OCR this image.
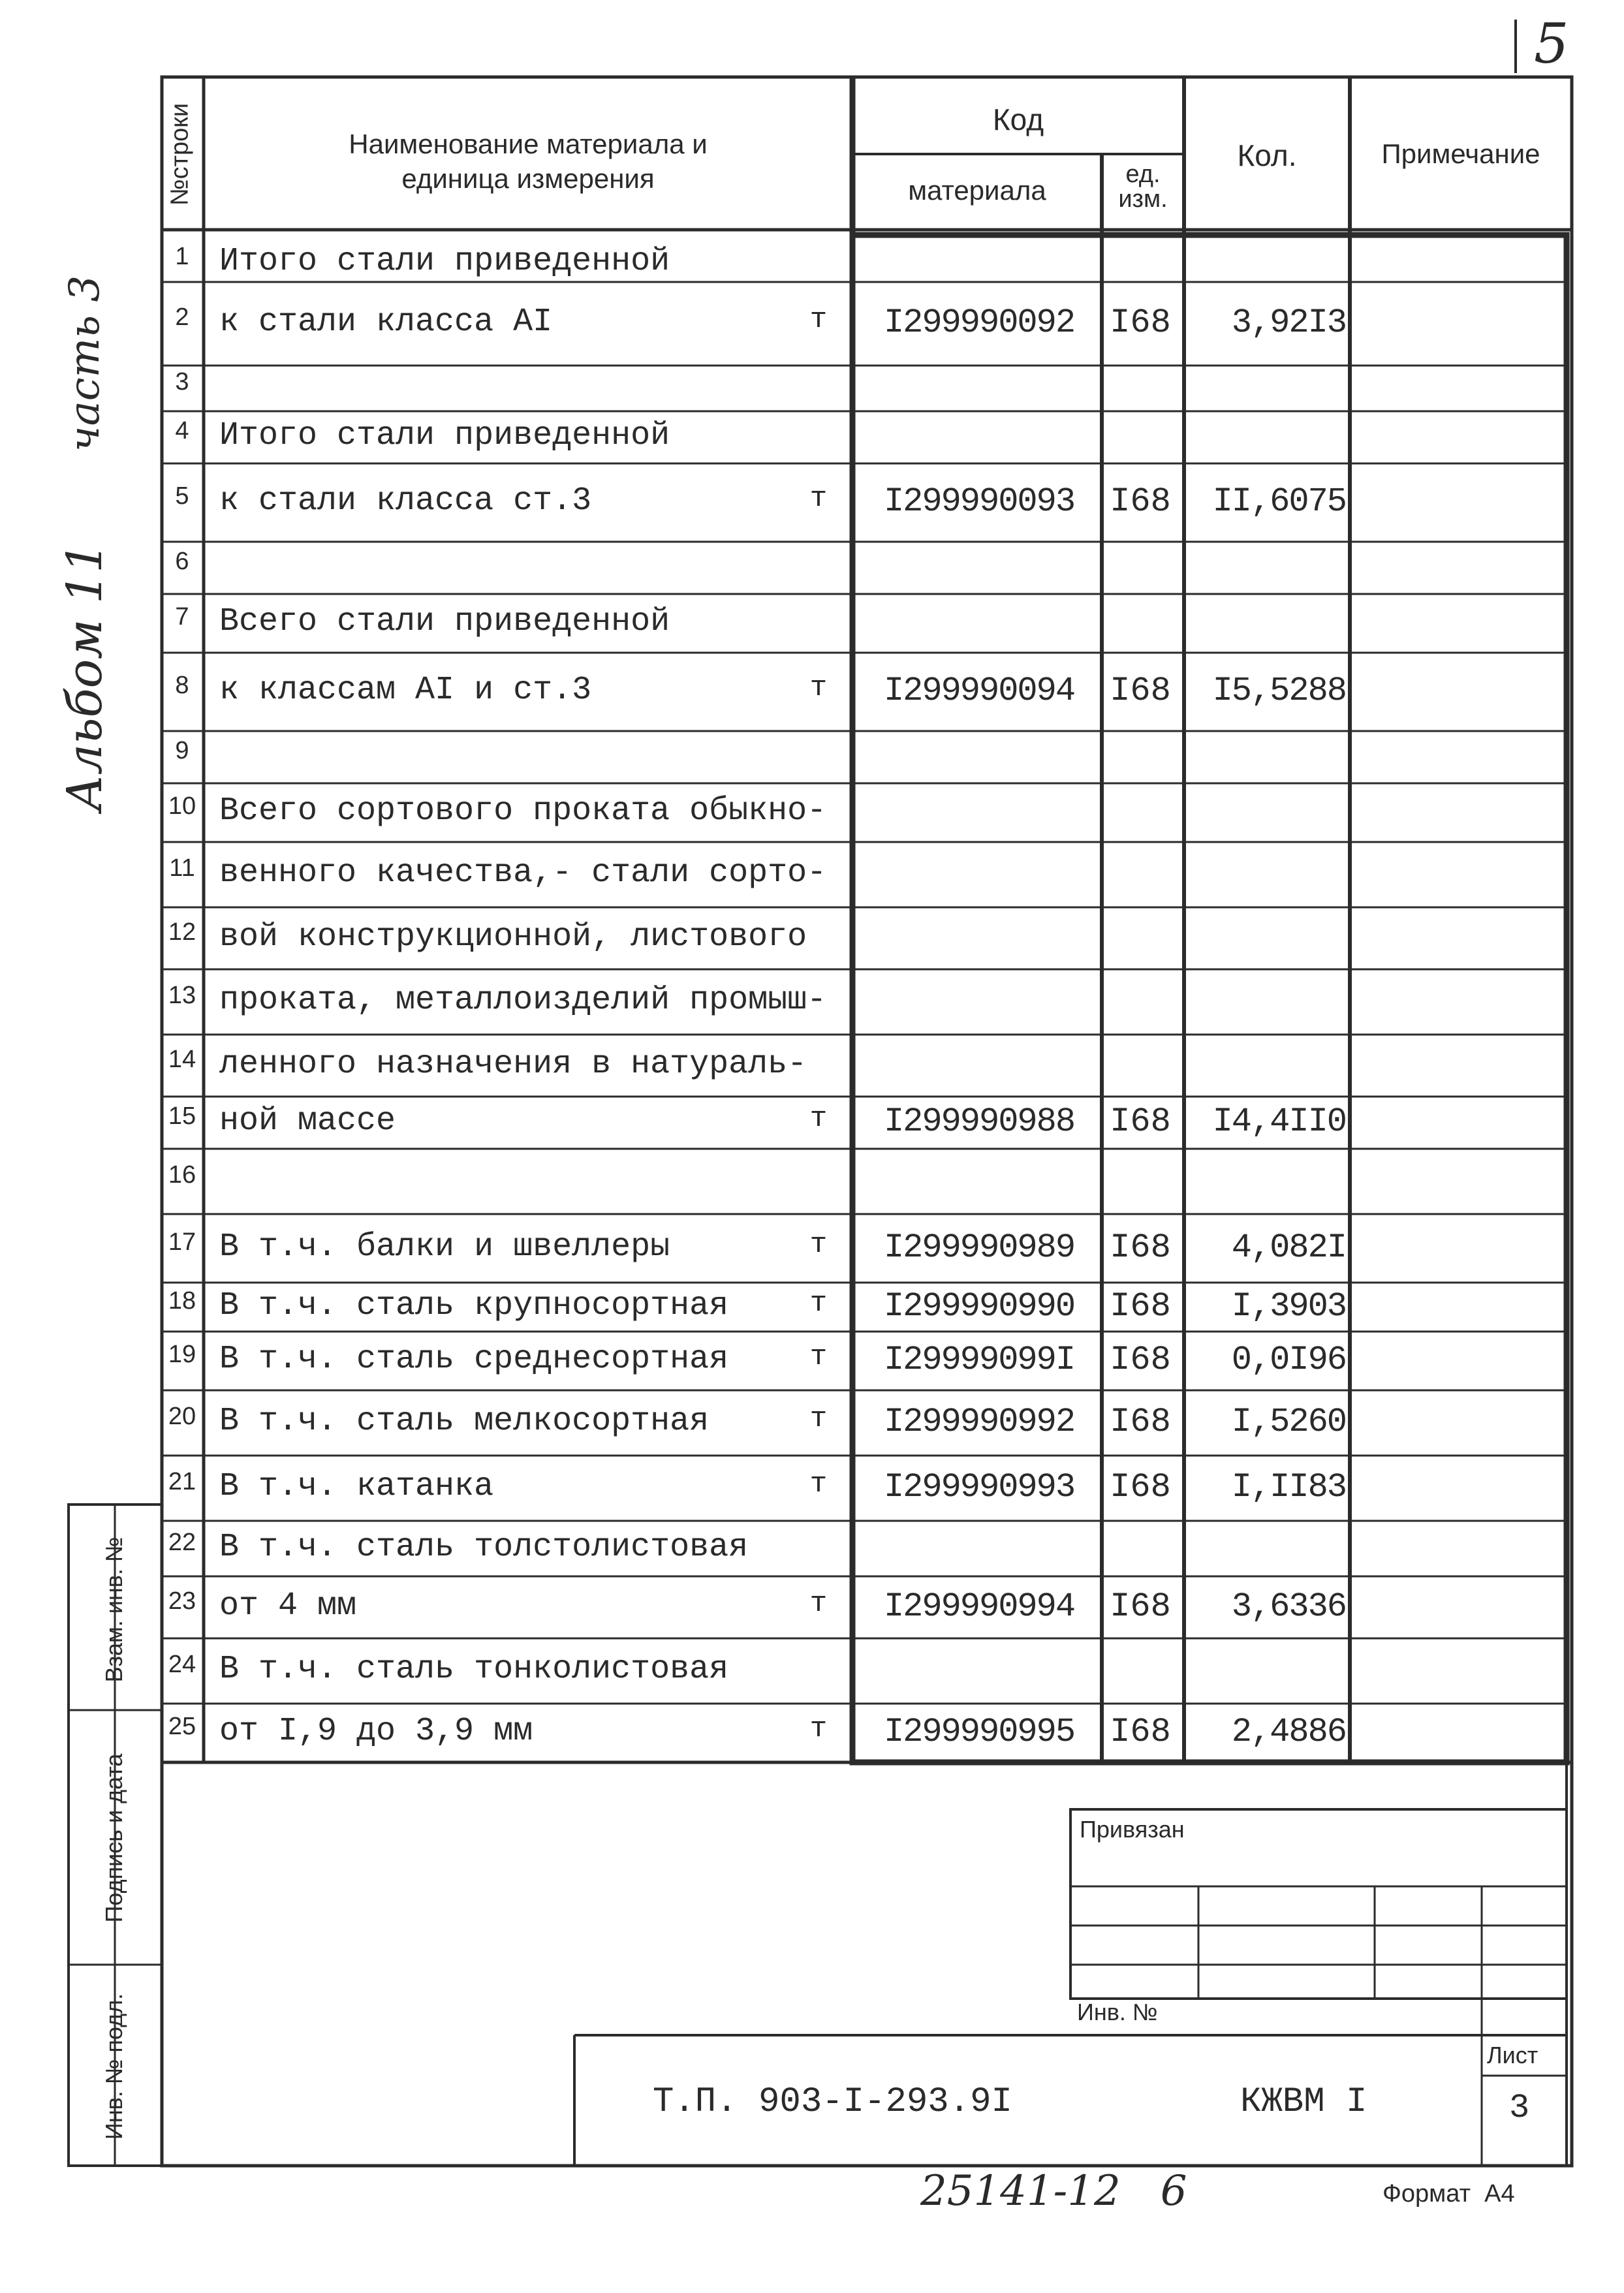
5
Альбом 11
часть 3
№строки	Наименование материала и
единица измерения
Код
материала
ед.
изм.
Кол.	Примечание
1 Итого стали приведенной
2 к стали класса АI	т	I299990092	I68	3,92I3
3
4 Итого стали приведенной
5 к стали класса ст.3	т	I299990093	I68	II,6075
6
7 Всего стали приведенной
8 к классам АI и ст.3	т	I299990094	I68	I5,5288
9
10 Всего сортового проката обыкно-
11 венного качества,- стали сорто-
12 вой конструкционной, листового
13 проката, металлоизделий промыш-
14 ленного назначения в натураль-
15 ной массе	т	I299990988	I68	I4,4II0
16
17 В т.ч. балки и швеллеры	т	I299990989	I68	4,082I
18 В т.ч. сталь крупносортная	т	I299990990	I68	I,3903
19 В т.ч. сталь среднесортная	т	I29999099I	I68	0,0I96
20 В т.ч. сталь мелкосортная	т	I299990992	I68	I,5260
21 В т.ч. катанка	т	I299990993	I68	I,II83
22 В т.ч. сталь толстолистовая
23 от 4 мм	т	I299990994	I68	3,6336
24 В т.ч. сталь тонколистовая
25 от I,9 до 3,9 мм	т	I299990995	I68	2,4886
Взам. инв. №
Подпись и дата
Инв. № подл.
Привязан
Инв. №
Т.П. 903-I-293.9I	КЖВМ I
Лист
3
25141-12   6	Формат  А4
